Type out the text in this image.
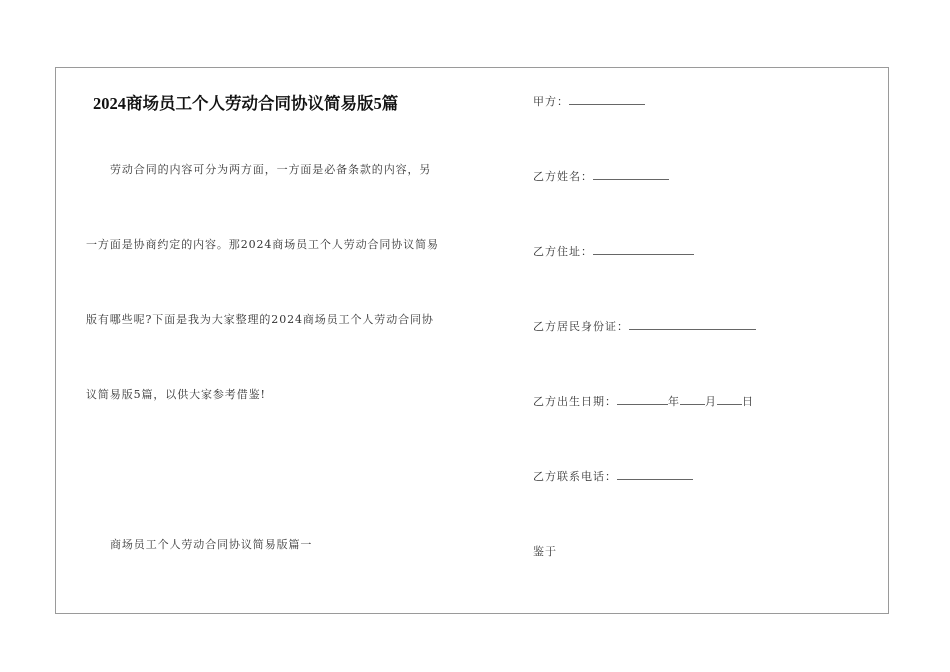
2024商场员工个人劳动合同协议简易版5篇
劳动合同的内容可分为两方面，一方面是必备条款的内容，另
一方面是协商约定的内容。那2024商场员工个人劳动合同协议简易
版有哪些呢?下面是我为大家整理的2024商场员工个人劳动合同协
议简易版5篇，以供大家参考借鉴!
商场员工个人劳动合同协议简易版篇一
甲方：
乙方姓名：
乙方住址：
乙方居民身份证：
乙方出生日期：	年 月 日
乙方联系电话：
鉴于
